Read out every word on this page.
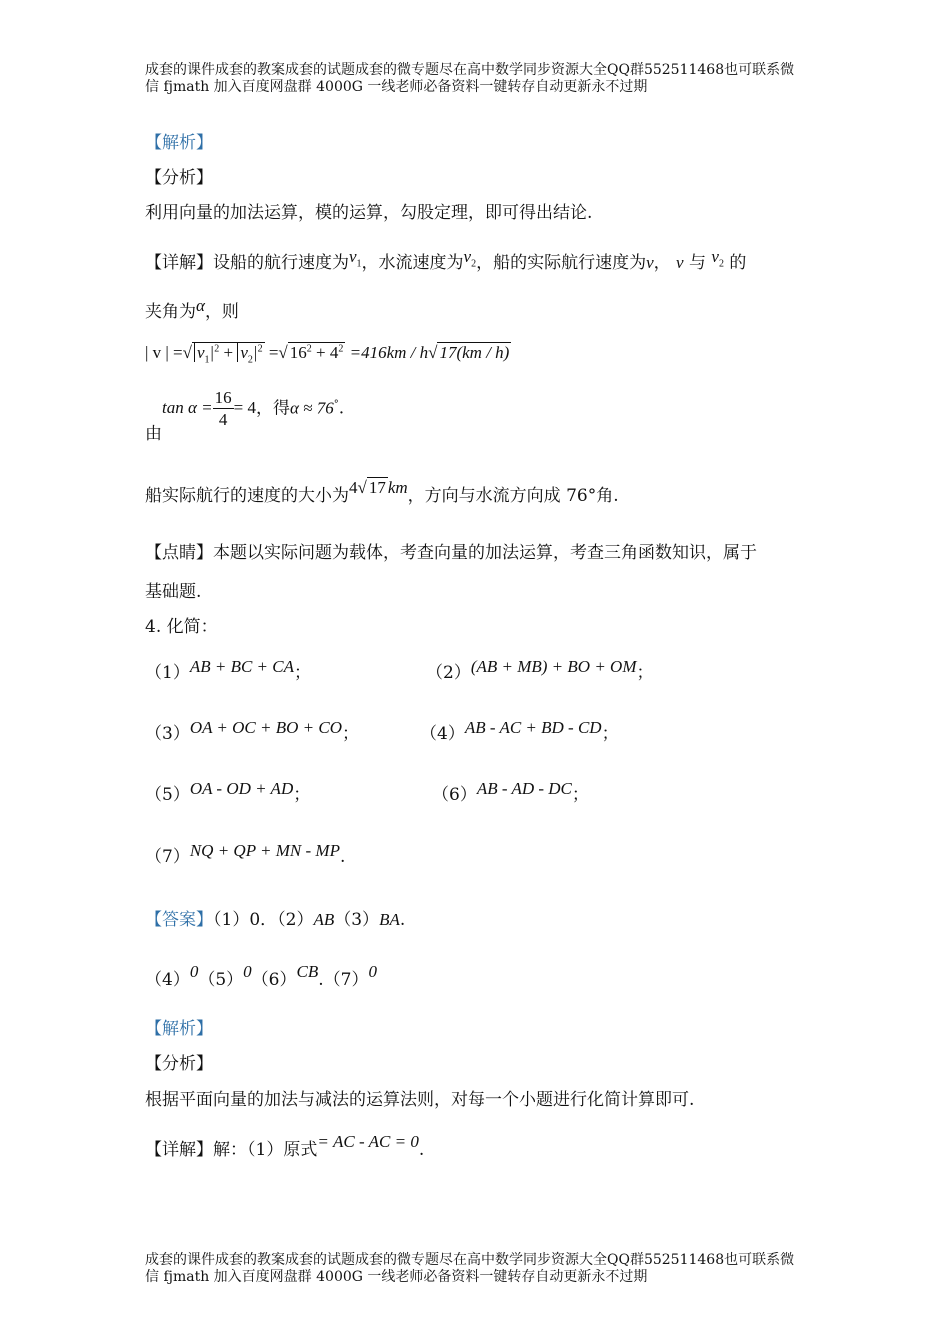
成套的课件成套的教案成套的试题成套的微专题尽在高中数学同步资源大全QQ群552511468也可联系微
信 fjmath 加入百度网盘群 4000G 一线老师必备资料一键转存自动更新永不过期
【解析】
【分析】
利用向量的加法运算，模的运算，勾股定理，即可得出结论.
【详解】设船的航行速度为$v_1$，水流速度为$v_2$，船的实际航行速度为v， v 与 $v_2$ 的
夹角为α，则
| v | =√ $v_1|^2 + v_2|^2$ =√ $16^2 + 4^2 =416km / h√$ 17(km / h)
由$\tan \alpha = \frac{16}{4} = 4$，得α ≈ 76°.
船实际航行的速度的大小为4√ 17 km，方向与水流方向成 76°角.
【点睛】本题以实际问题为载体，考查向量的加法运算，考查三角函数知识，属于
基础题.
4. 化简：
（1）AB + BC + CA；	（2）(AB + MB) + BO + OM；
（3）OA + OC + BO + CO；	（4）AB - AC + BD - CD；
（5）OA - OD + AD；	（6）AB - AD - DC；
（7）NQ + QP + MN - MP.
【答案】（1）0．（2）AB（3）BA.
（4）0（5）0（6）CB.（7）0
【解析】
【分析】
根据平面向量的加法与减法的运算法则，对每一个小题进行化简计算即可.
【详解】解：（1）原式= AC - AC = 0.
成套的课件成套的教案成套的试题成套的微专题尽在高中数学同步资源大全QQ群552511468也可联系微
信 fjmath 加入百度网盘群 4000G 一线老师必备资料一键转存自动更新永不过期
